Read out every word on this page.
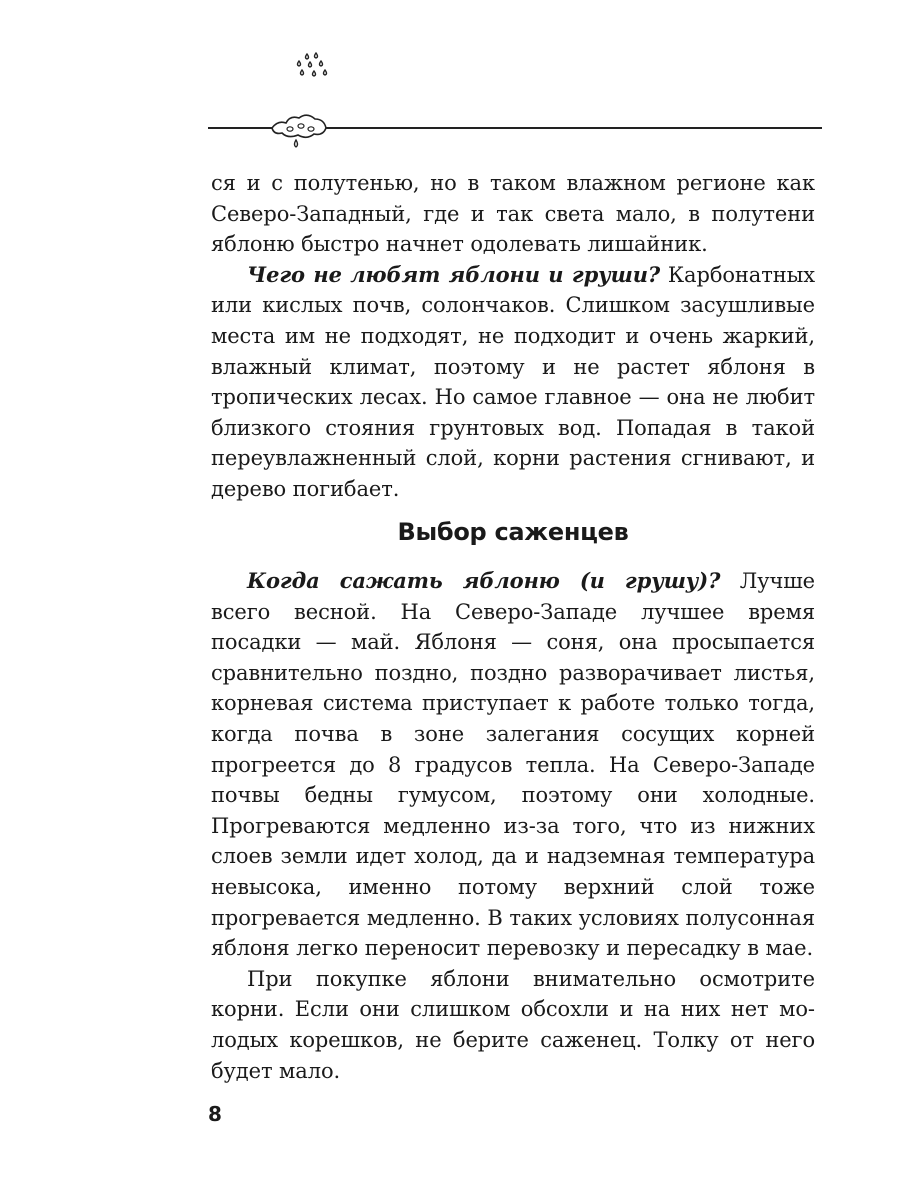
ся и с полутенью, но в таком влажном регионе как Северо-Западный, где и так света мало, в полутени яблоню быстро начнет одолевать лишайник.

Чего не любят яблони и груши? Карбонатных или кислых почв, солончаков. Слишком засушливые места им не подходят, не подходит и очень жаркий, влажный климат, поэтому и не растет яблоня в тропических лесах. Но самое главное — она не любит близкого стояния грунтовых вод. Попадая в такой переувлажненный слой, корни растения сгнивают, и дерево погибает.

Выбор саженцев

Когда сажать яблоню (и грушу)? Лучше всего весной. На Северо-Западе лучшее время посадки — май. Яблоня — соня, она просыпается сравнительно поздно, поздно разворачивает листья, корневая система приступает к работе только тогда, когда почва в зоне залегания сосущих корней прогреется до 8 градусов тепла. На Северо-Западе почвы бедны гумусом, поэтому они холодные. Прогреваются медленно из-за того, что из нижних слоев земли идет холод, да и надземная температура невысока, именно потому верхний слой тоже прогревается медленно. В таких условиях полусонная яблоня легко переносит перевозку и пересадку в мае.

При покупке яблони внимательно осмотрите корни. Если они слишком обсохли и на них нет молодых корешков, не берите саженец. Толку от него будет мало.

8
